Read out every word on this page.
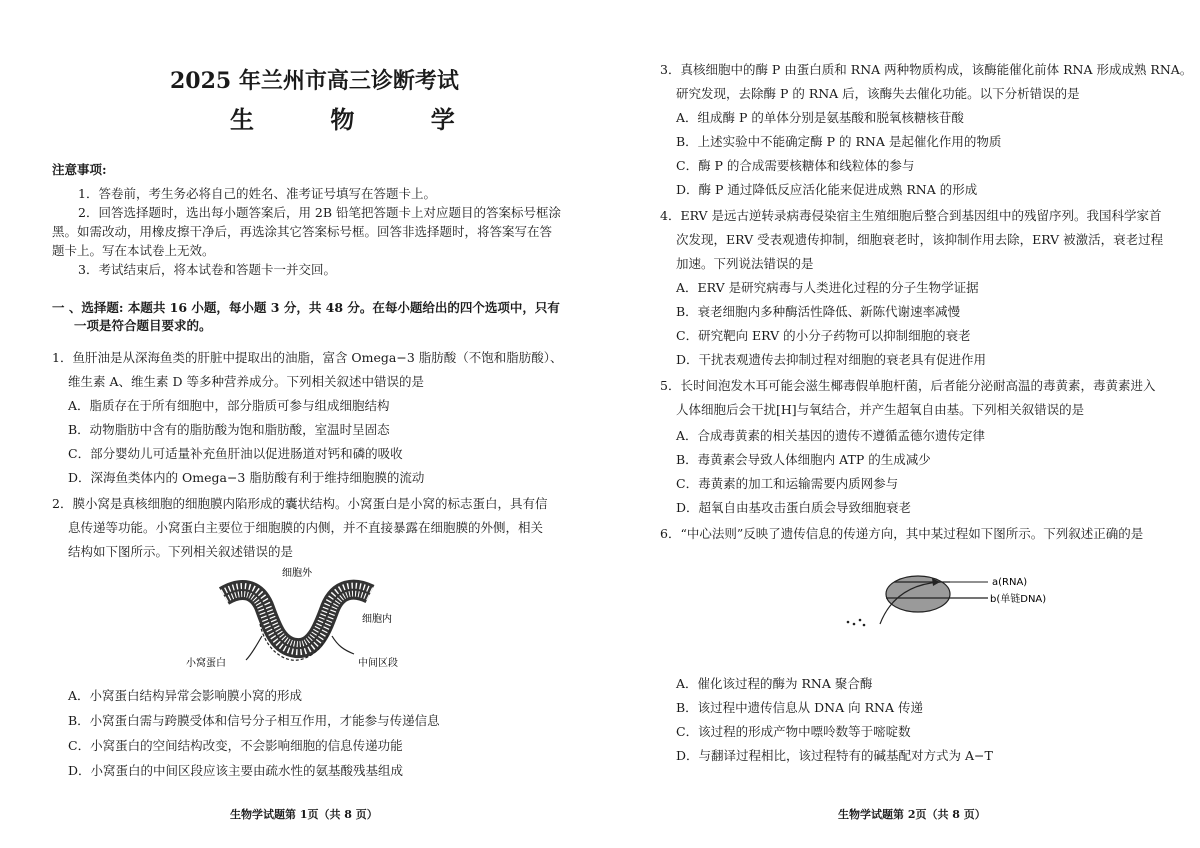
2025 年兰州市高三诊断考试
生 物 学
注意事项:
1．答卷前，考生务必将自己的姓名、准考证号填写在答题卡上。
2．回答选择题时，选出每小题答案后，用 2B 铅笔把答题卡上对应题目的答案标号框涂
黑。如需改动，用橡皮擦干净后，再选涂其它答案标号框。回答非选择题时，将答案写在答
题卡上。写在本试卷上无效。
3．考试结束后，将本试卷和答题卡一并交回。
一 、选择题: 本题共 16 小题，每小题 3 分，共 48 分。在每小题给出的四个选项中，只有
一项是符合题目要求的。
1．鱼肝油是从深海鱼类的肝脏中提取出的油脂，富含 Omega−3 脂肪酸（不饱和脂肪酸）、
维生素 A、维生素 D 等多种营养成分。下列相关叙述中错误的是
A．脂质存在于所有细胞中，部分脂质可参与组成细胞结构
B．动物脂肪中含有的脂肪酸为饱和脂肪酸，室温时呈固态
C．部分婴幼儿可适量补充鱼肝油以促进肠道对钙和磷的吸收
D．深海鱼类体内的 Omega−3 脂肪酸有利于维持细胞膜的流动
2．膜小窝是真核细胞的细胞膜内陷形成的囊状结构。小窝蛋白是小窝的标志蛋白，具有信
息传递等功能。小窝蛋白主要位于细胞膜的内侧，并不直接暴露在细胞膜的外侧，相关
结构如下图所示。下列相关叙述错误的是
细胞外
细胞内
小窝蛋白	中间区段
A．小窝蛋白结构异常会影响膜小窝的形成
B．小窝蛋白需与跨膜受体和信号分子相互作用，才能参与传递信息
C．小窝蛋白的空间结构改变，不会影响细胞的信息传递功能
D．小窝蛋白的中间区段应该主要由疏水性的氨基酸残基组成
生物学试题第 1页（共 8 页）
3．真核细胞中的酶 P 由蛋白质和 RNA 两种物质构成，该酶能催化前体 RNA 形成成熟 RNA。
研究发现，去除酶 P 的 RNA 后，该酶失去催化功能。以下分析错误的是
A．组成酶 P 的单体分别是氨基酸和脱氧核糖核苷酸
B．上述实验中不能确定酶 P 的 RNA 是起催化作用的物质
C．酶 P 的合成需要核糖体和线粒体的参与
D．酶 P 通过降低反应活化能来促进成熟 RNA 的形成
4．ERV 是远古逆转录病毒侵染宿主生殖细胞后整合到基因组中的残留序列。我国科学家首
次发现，ERV 受表观遗传抑制，细胞衰老时，该抑制作用去除，ERV 被激活，衰老过程
加速。下列说法错误的是
A．ERV 是研究病毒与人类进化过程的分子生物学证据
B．衰老细胞内多种酶活性降低、新陈代谢速率减慢
C．研究靶向 ERV 的小分子药物可以抑制细胞的衰老
D．干扰表观遗传去抑制过程对细胞的衰老具有促进作用
5．长时间泡发木耳可能会滋生椰毒假单胞杆菌，后者能分泌耐高温的毒黄素，毒黄素进入
人体细胞后会干扰[H]与氧结合，并产生超氧自由基。下列相关叙错误的是
A．合成毒黄素的相关基因的遗传不遵循孟德尔遗传定律
B．毒黄素会导致人体细胞内 ATP 的生成减少
C．毒黄素的加工和运输需要内质网参与
D．超氧自由基攻击蛋白质会导致细胞衰老
6．“中心法则”反映了遗传信息的传递方向，其中某过程如下图所示。下列叙述正确的是
a(RNA)
b(单链DNA)
A．催化该过程的酶为 RNA 聚合酶
B．该过程中遗传信息从 DNA 向 RNA 传递
C．该过程的形成产物中嘌呤数等于嘧啶数
D．与翻译过程相比，该过程特有的碱基配对方式为 A−T
生物学试题第 2页（共 8 页）
